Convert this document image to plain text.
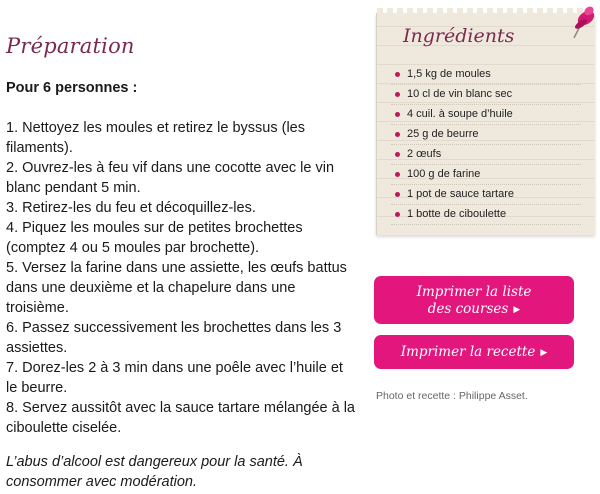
Préparation
Pour 6 personnes :
1. Nettoyez les moules et retirez le byssus (les filaments).
2. Ouvrez-les à feu vif dans une cocotte avec le vin blanc pendant 5 min.
3. Retirez-les du feu et décoquillez-les.
4. Piquez les moules sur de petites brochettes (comptez 4 ou 5 moules par brochette).
5. Versez la farine dans une assiette, les œufs battus dans une deuxième et la chapelure dans une troisième.
6. Passez successivement les brochettes dans les 3 assiettes.
7. Dorez-les 2 à 3 min dans une poêle avec l’huile et le beurre.
8. Servez aussitôt avec la sauce tartare mélangée à la ciboulette ciselée.
L’abus d’alcool est dangereux pour la santé. À consommer avec modération.
Ingrédients
1,5 kg de moules
10 cl de vin blanc sec
4 cuil. à soupe d’huile
25 g de beurre
2 œufs
100 g de farine
1 pot de sauce tartare
1 botte de ciboulette
Imprimer la liste
des courses ▶
Imprimer la recette ▶
Photo et recette : Philippe Asset.
